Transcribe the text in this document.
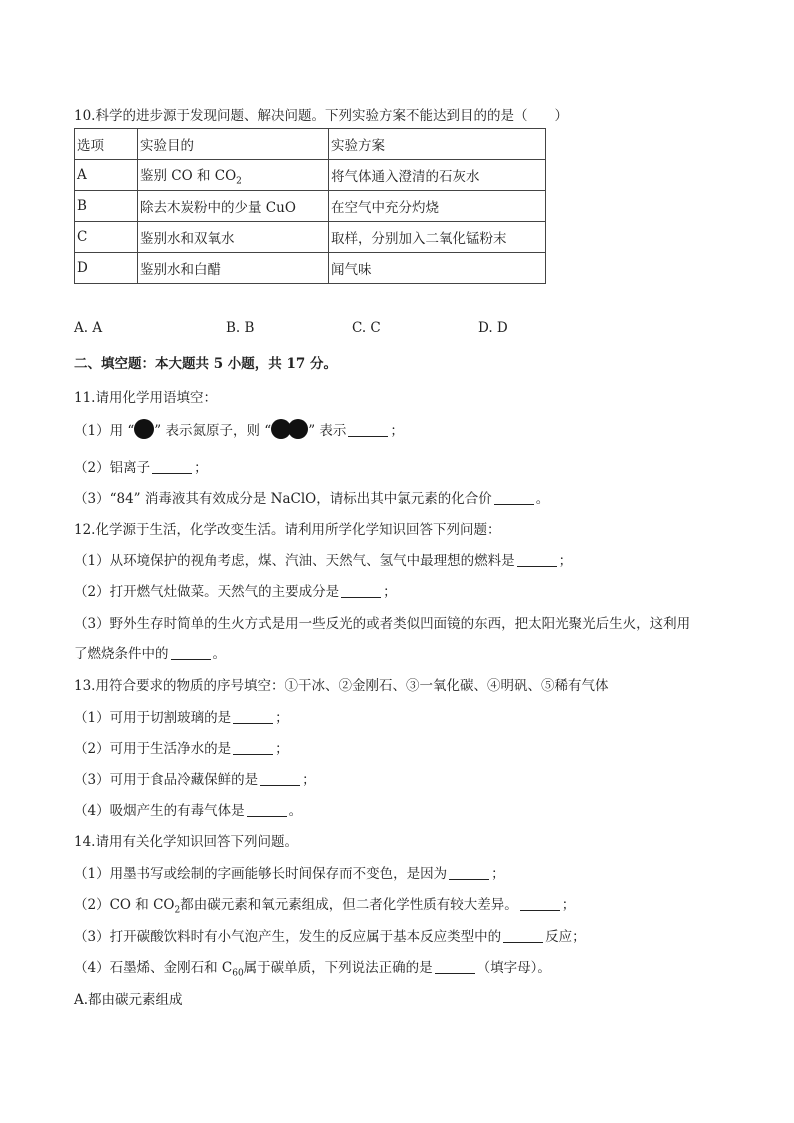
10.科学的进步源于发现问题、解决问题。下列实验方案不能达到目的的是（　　）
选项	实验目的	实验方案
A	鉴别 CO 和 $CO_2$	将气体通入澄清的石灰水
B	除去木炭粉中的少量 CuO	在空气中充分灼烧
C	鉴别水和双氧水	取样，分别加入二氧化锰粉末
D	鉴别水和白醋	闻气味
A. A	B. B	C. C	D. D
二、填空题：本大题共 5 小题，共 17 分。
11.请用化学用语填空：
（1）用 “ ” 表示氮原子，则 “	” 表示	；
（2）铝离子	；
（3）“84” 消毒液其有效成分是 NaClO，请标出其中氯元素的化合价	。
12.化学源于生活，化学改变生活。请利用所学化学知识回答下列问题：
（1）从环境保护的视角考虑，煤、汽油、天然气、氢气中最理想的燃料是	；
（2）打开燃气灶做菜。天然气的主要成分是	；
（3）野外生存时简单的生火方式是用一些反光的或者类似凹面镜的东西，把太阳光聚光后生火，这利用
了燃烧条件中的	。
13.用符合要求的物质的序号填空：①干冰、②金刚石、③一氧化碳、④明矾、⑤稀有气体
（1）可用于切割玻璃的是	；
（2）可用于生活净水的是	；
（3）可用于食品冷藏保鲜的是	；
（4）吸烟产生的有毒气体是	。
14.请用有关化学知识回答下列问题。
（1）用墨书写或绘制的字画能够长时间保存而不变色，是因为	；
（2）CO 和 $CO_2$都由碳元素和氧元素组成，但二者化学性质有较大差异。	；
（3）打开碳酸饮料时有小气泡产生，发生的反应属于基本反应类型中的	反应；
（4）石墨烯、金刚石和 $C_{60}$属于碳单质，下列说法正确的是	（填字母）。
A.都由碳元素组成
